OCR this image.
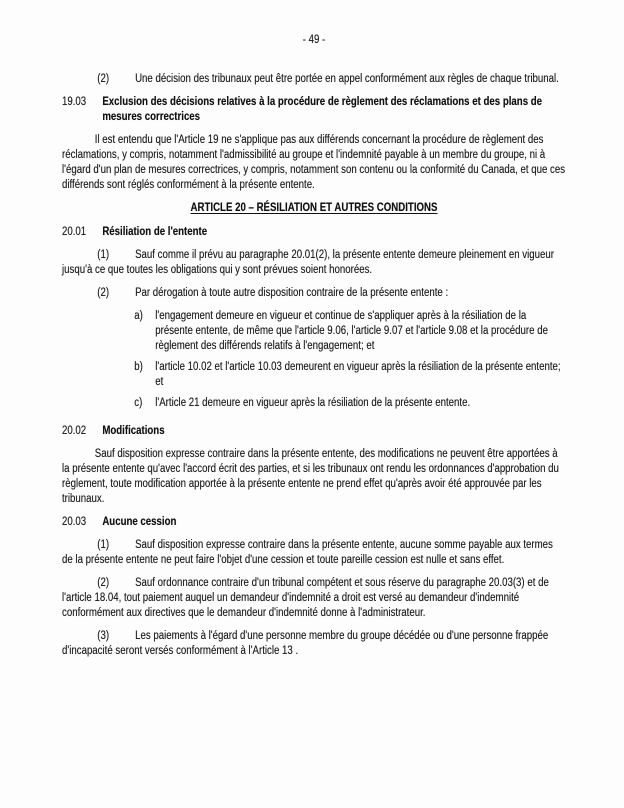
- 49 -

(2) Une décision des tribunaux peut être portée en appel conformément aux règles de chaque tribunal.

19.03	Exclusion des décisions relatives à la procédure de règlement des réclamations et des plans de mesures correctrices

Il est entendu que l'Article 19 ne s'applique pas aux différends concernant la procédure de règlement des réclamations, y compris, notamment l'admissibilité au groupe et l'indemnité payable à un membre du groupe, ni à l'égard d'un plan de mesures correctrices, y compris, notamment son contenu ou la conformité du Canada, et que ces différends sont réglés conformément à la présente entente.

ARTICLE 20 – RÉSILIATION ET AUTRES CONDITIONS
20.01	Résiliation de l'entente

(1) Sauf comme il prévu au paragraphe 20.01(2), la présente entente demeure pleinement en vigueur jusqu'à ce que toutes les obligations qui y sont prévues soient honorées.

(2) Par dérogation à toute autre disposition contraire de la présente entente :

a)	l'engagement demeure en vigueur et continue de s'appliquer après à la résiliation de la présente entente, de même que l'article 9.06, l'article 9.07 et l'article 9.08 et la procédure de règlement des différends relatifs à l'engagement; et
b)	l'article 10.02 et l'article 10.03 demeurent en vigueur après la résiliation de la présente entente; et
c)	l'Article 21 demeure en vigueur après la résiliation de la présente entente.
20.02	Modifications

Sauf disposition expresse contraire dans la présente entente, des modifications ne peuvent être apportées à la présente entente qu'avec l'accord écrit des parties, et si les tribunaux ont rendu les ordonnances d'approbation du règlement, toute modification apportée à la présente entente ne prend effet qu'après avoir été approuvée par les tribunaux.

20.03	Aucune cession

(1) Sauf disposition expresse contraire dans la présente entente, aucune somme payable aux termes de la présente entente ne peut faire l'objet d'une cession et toute pareille cession est nulle et sans effet.

(2) Sauf ordonnance contraire d'un tribunal compétent et sous réserve du paragraphe 20.03(3) et de l'article 18.04, tout paiement auquel un demandeur d'indemnité a droit est versé au demandeur d'indemnité conformément aux directives que le demandeur d'indemnité donne à l'administrateur.

(3) Les paiements à l'égard d'une personne membre du groupe décédée ou d'une personne frappée d'incapacité seront versés conformément à l'Article 13 .
